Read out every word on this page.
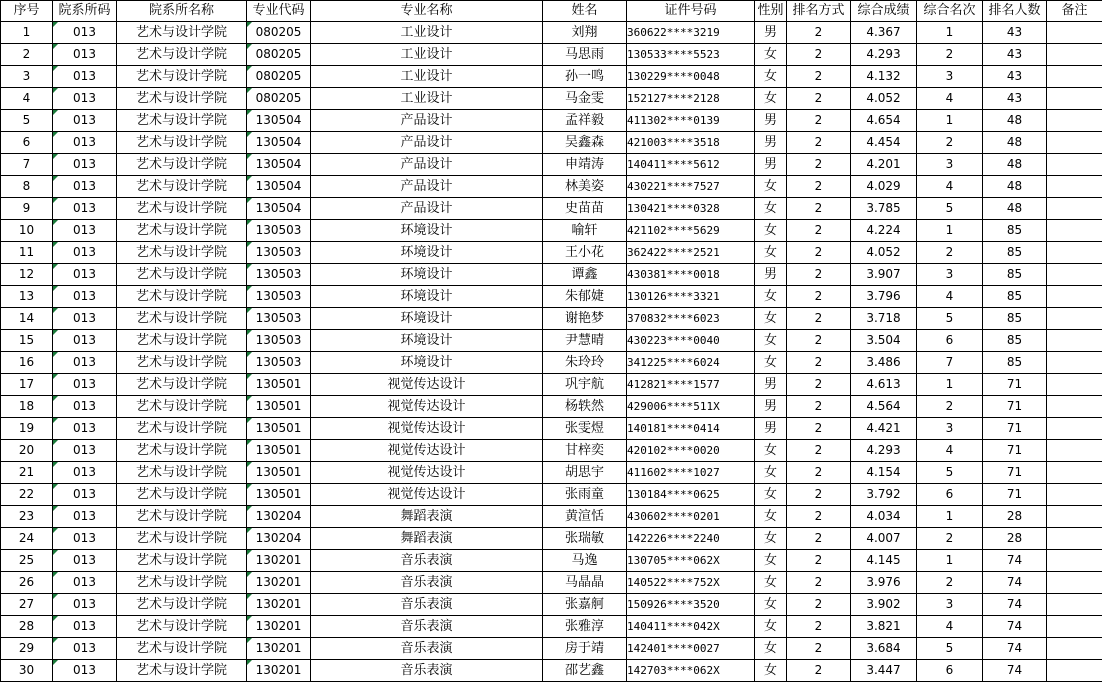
序号	院系所码	院系所名称	专业代码	专业名称	姓名	证件号码	性别	排名方式	综合成绩	综合名次	排名人数	备注
1	013	艺术与设计学院	080205	工业设计	刘翔	360622****3219	男	2	4.367	1	43	
2	013	艺术与设计学院	080205	工业设计	马思雨	130533****5523	女	2	4.293	2	43	
3	013	艺术与设计学院	080205	工业设计	孙一鸣	130229****0048	女	2	4.132	3	43	
4	013	艺术与设计学院	080205	工业设计	马金雯	152127****2128	女	2	4.052	4	43	
5	013	艺术与设计学院	130504	产品设计	孟祥毅	411302****0139	男	2	4.654	1	48	
6	013	艺术与设计学院	130504	产品设计	吴鑫森	421003****3518	男	2	4.454	2	48	
7	013	艺术与设计学院	130504	产品设计	申靖涛	140411****5612	男	2	4.201	3	48	
8	013	艺术与设计学院	130504	产品设计	林美姿	430221****7527	女	2	4.029	4	48	
9	013	艺术与设计学院	130504	产品设计	史苗苗	130421****0328	女	2	3.785	5	48	
10	013	艺术与设计学院	130503	环境设计	喻轩	421102****5629	女	2	4.224	1	85	
11	013	艺术与设计学院	130503	环境设计	王小花	362422****2521	女	2	4.052	2	85	
12	013	艺术与设计学院	130503	环境设计	谭鑫	430381****0018	男	2	3.907	3	85	
13	013	艺术与设计学院	130503	环境设计	朱郁婕	130126****3321	女	2	3.796	4	85	
14	013	艺术与设计学院	130503	环境设计	谢艳梦	370832****6023	女	2	3.718	5	85	
15	013	艺术与设计学院	130503	环境设计	尹慧晴	430223****0040	女	2	3.504	6	85	
16	013	艺术与设计学院	130503	环境设计	朱玲玲	341225****6024	女	2	3.486	7	85	
17	013	艺术与设计学院	130501	视觉传达设计	巩宇航	412821****1577	男	2	4.613	1	71	
18	013	艺术与设计学院	130501	视觉传达设计	杨轶然	429006****511X	男	2	4.564	2	71	
19	013	艺术与设计学院	130501	视觉传达设计	张雯煜	140181****0414	男	2	4.421	3	71	
20	013	艺术与设计学院	130501	视觉传达设计	甘梓奕	420102****0020	女	2	4.293	4	71	
21	013	艺术与设计学院	130501	视觉传达设计	胡思宇	411602****1027	女	2	4.154	5	71	
22	013	艺术与设计学院	130501	视觉传达设计	张雨童	130184****0625	女	2	3.792	6	71	
23	013	艺术与设计学院	130204	舞蹈表演	黄渲恬	430602****0201	女	2	4.034	1	28	
24	013	艺术与设计学院	130204	舞蹈表演	张瑞敏	142226****2240	女	2	4.007	2	28	
25	013	艺术与设计学院	130201	音乐表演	马逸	130705****062X	女	2	4.145	1	74	
26	013	艺术与设计学院	130201	音乐表演	马晶晶	140522****752X	女	2	3.976	2	74	
27	013	艺术与设计学院	130201	音乐表演	张嘉舸	150926****3520	女	2	3.902	3	74	
28	013	艺术与设计学院	130201	音乐表演	张雅淳	140411****042X	女	2	3.821	4	74	
29	013	艺术与设计学院	130201	音乐表演	房于靖	142401****0027	女	2	3.684	5	74	
30	013	艺术与设计学院	130201	音乐表演	邵艺鑫	142703****062X	女	2	3.447	6	74	
